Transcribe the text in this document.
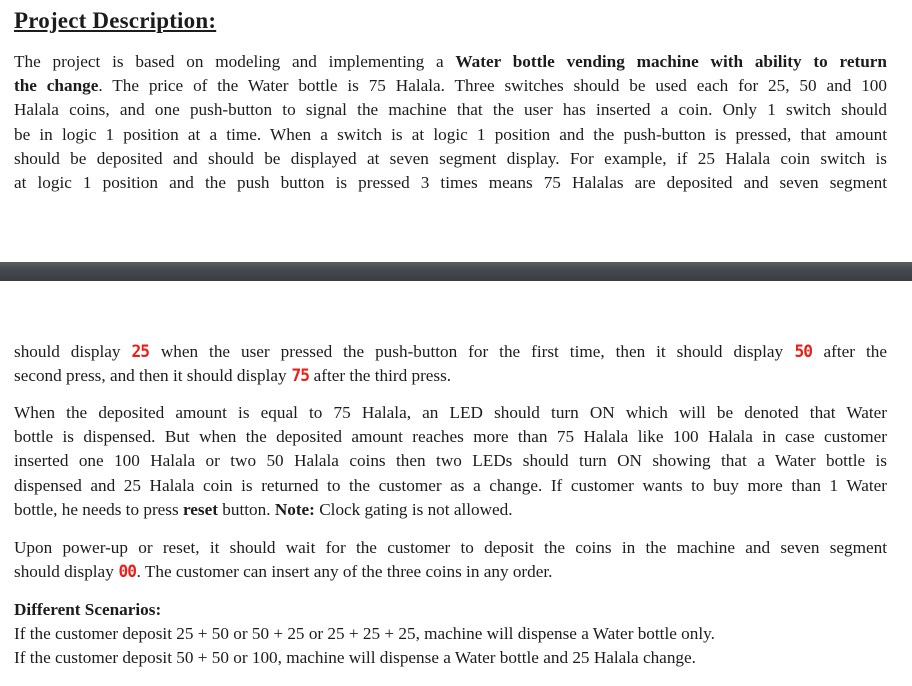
Project Description:
The project is based on modeling and implementing a Water bottle vending machine with ability to return
the change. The price of the Water bottle is 75 Halala. Three switches should be used each for 25, 50 and 100
Halala coins, and one push-button to signal the machine that the user has inserted a coin. Only 1 switch should
be in logic 1 position at a time. When a switch is at logic 1 position and the push-button is pressed, that amount
should be deposited and should be displayed at seven segment display. For example, if 25 Halala coin switch is
at logic 1 position and the push button is pressed 3 times means 75 Halalas are deposited and seven segment
should display 25 when the user pressed the push-button for the first time, then it should display 50 after the
second press, and then it should display 75 after the third press.
When the deposited amount is equal to 75 Halala, an LED should turn ON which will be denoted that Water
bottle is dispensed. But when the deposited amount reaches more than 75 Halala like 100 Halala in case customer
inserted one 100 Halala or two 50 Halala coins then two LEDs should turn ON showing that a Water bottle is
dispensed and 25 Halala coin is returned to the customer as a change. If customer wants to buy more than 1 Water
bottle, he needs to press reset button. Note: Clock gating is not allowed.
Upon power-up or reset, it should wait for the customer to deposit the coins in the machine and seven segment
should display 00. The customer can insert any of the three coins in any order.
Different Scenarios:
If the customer deposit 25 + 50 or 50 + 25 or 25 + 25 + 25, machine will dispense a Water bottle only.
If the customer deposit 50 + 50 or 100, machine will dispense a Water bottle and 25 Halala change.
